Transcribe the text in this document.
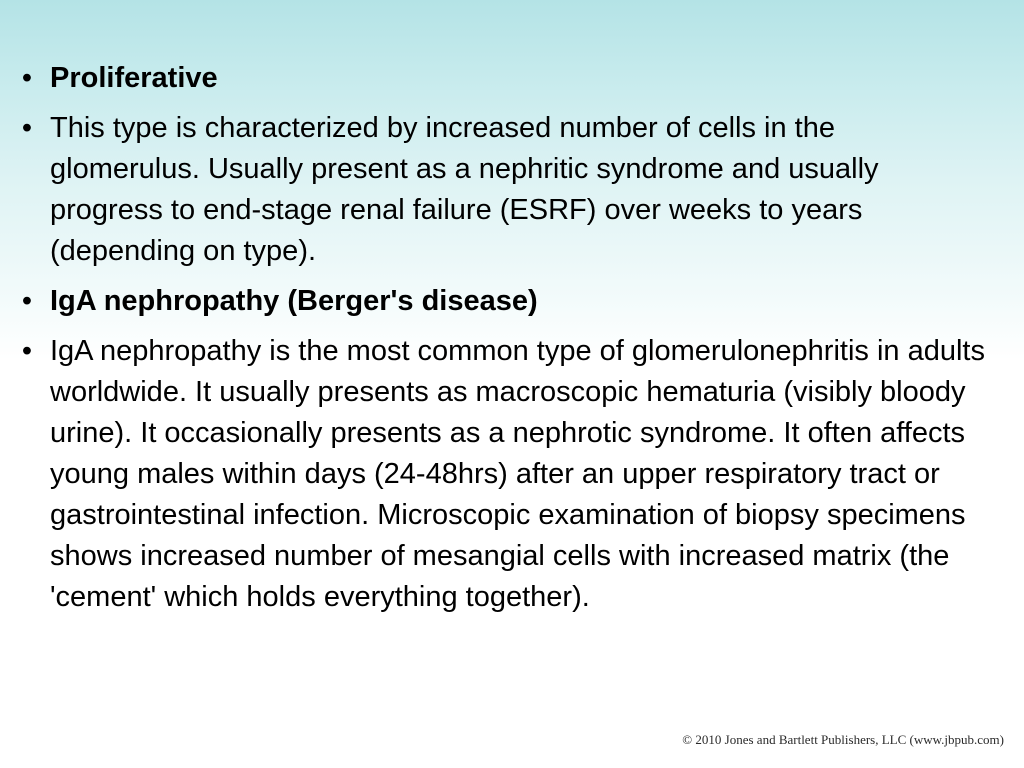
• Proliferative
• This type is characterized by increased number of cells in the glomerulus. Usually present as a nephritic syndrome and usually progress to end-stage renal failure (ESRF) over weeks to years (depending on type).
• IgA nephropathy (Berger's disease)
• IgA nephropathy is the most common type of glomerulonephritis in adults worldwide. It usually presents as macroscopic hematuria (visibly bloody urine). It occasionally presents as a nephrotic syndrome. It often affects young males within days (24-48hrs) after an upper respiratory tract or gastrointestinal infection. Microscopic examination of biopsy specimens shows increased number of mesangial cells with increased matrix (the 'cement' which holds everything together).
© 2010 Jones and Bartlett Publishers, LLC (www.jbpub.com)
